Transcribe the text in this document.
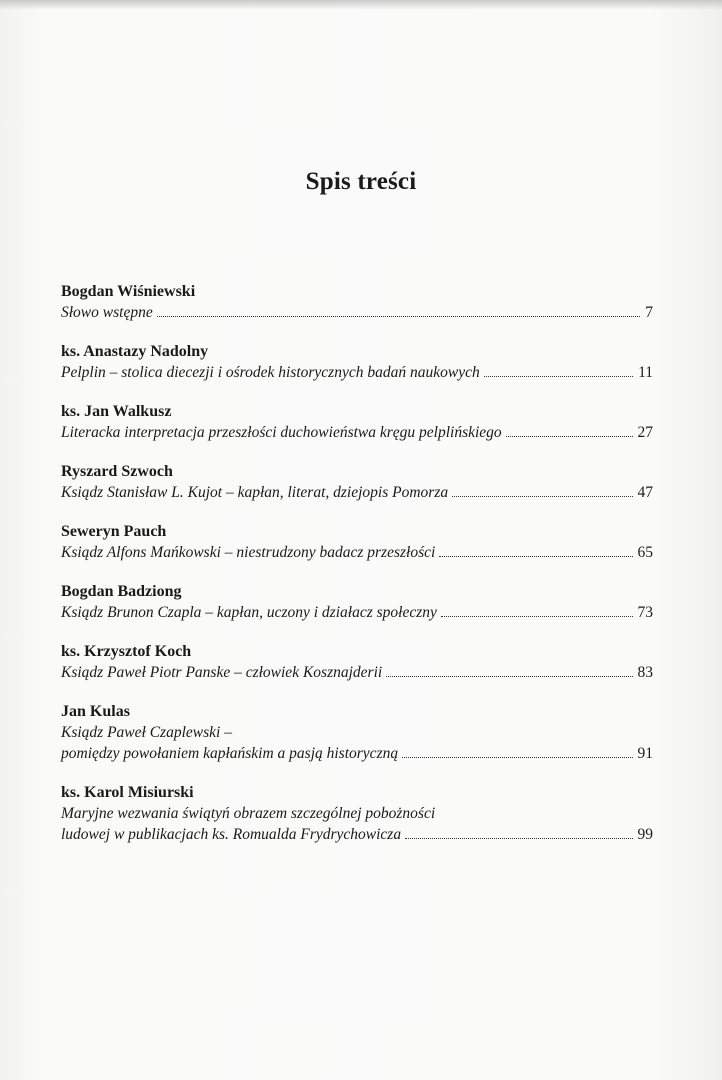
Spis treści
Bogdan Wiśniewski
Słowo wstępne	7
ks. Anastazy Nadolny
Pelplin – stolica diecezji i ośrodek historycznych badań naukowych	11
ks. Jan Walkusz
Literacka interpretacja przeszłości duchowieństwa kręgu pelplińskiego	27
Ryszard Szwoch
Ksiądz Stanisław L. Kujot – kapłan, literat, dziejopis Pomorza	47
Seweryn Pauch
Ksiądz Alfons Mańkowski – niestrudzony badacz przeszłości	65
Bogdan Badziong
Ksiądz Brunon Czapla – kapłan, uczony i działacz społeczny	73
ks. Krzysztof Koch
Ksiądz Paweł Piotr Panske – człowiek Kosznajderii	83
Jan Kulas
Ksiądz Paweł Czaplewski –
pomiędzy powołaniem kapłańskim a pasją historyczną	91
ks. Karol Misiurski
Maryjne wezwania świątyń obrazem szczególnej pobożności
ludowej w publikacjach ks. Romualda Frydrychowicza	99
